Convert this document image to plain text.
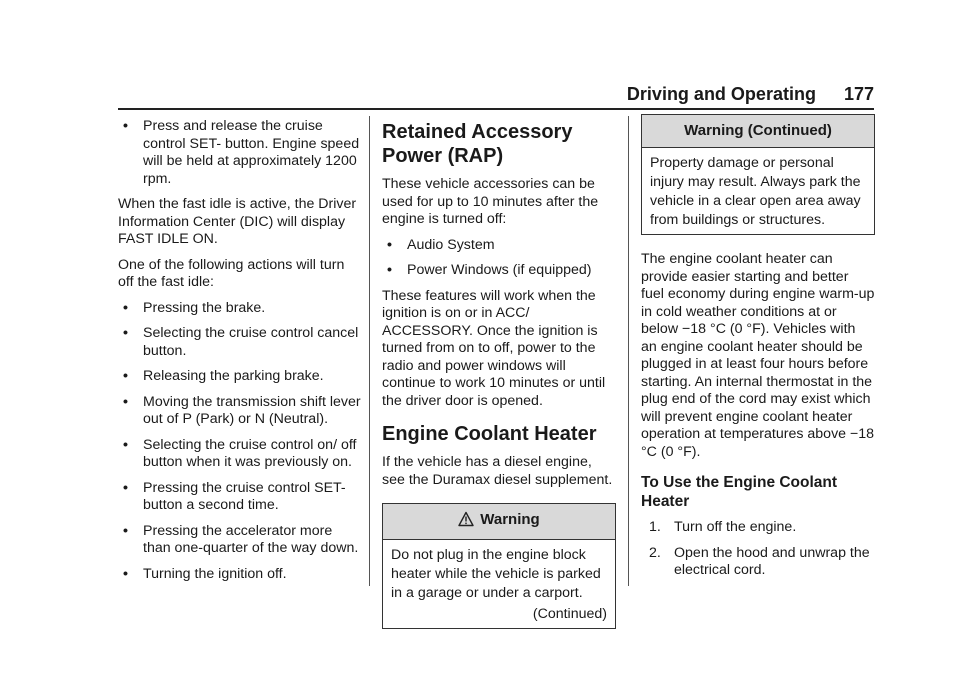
Driving and Operating 177
• Press and release the cruise control SET- button. Engine speed will be held at approximately 1200 rpm.

When the fast idle is active, the Driver Information Center (DIC) will display FAST IDLE ON.

One of the following actions will turn off the fast idle:

• Pressing the brake.
• Selecting the cruise control cancel button.
• Releasing the parking brake.
• Moving the transmission shift lever out of P (Park) or N (Neutral).
• Selecting the cruise control on/ off button when it was previously on.
• Pressing the cruise control SET- button a second time.
• Pressing the accelerator more than one-quarter of the way down.
• Turning the ignition off.
Retained Accessory Power (RAP)

These vehicle accessories can be used for up to 10 minutes after the engine is turned off:

• Audio System
• Power Windows (if equipped)

These features will work when the ignition is on or in ACC/ ACCESSORY. Once the ignition is turned from on to off, power to the radio and power windows will continue to work 10 minutes or until the driver door is opened.

Engine Coolant Heater

If the vehicle has a diesel engine, see the Duramax diesel supplement.

Warning
Do not plug in the engine block heater while the vehicle is parked in a garage or under a carport.
(Continued)
Warning (Continued)
Property damage or personal injury may result. Always park the vehicle in a clear open area away from buildings or structures.

The engine coolant heater can provide easier starting and better fuel economy during engine warm-up in cold weather conditions at or below −18 °C (0 °F). Vehicles with an engine coolant heater should be plugged in at least four hours before starting. An internal thermostat in the plug end of the cord may exist which will prevent engine coolant heater operation at temperatures above −18 °C (0 °F).

To Use the Engine Coolant Heater
1. Turn off the engine.
2. Open the hood and unwrap the electrical cord.
